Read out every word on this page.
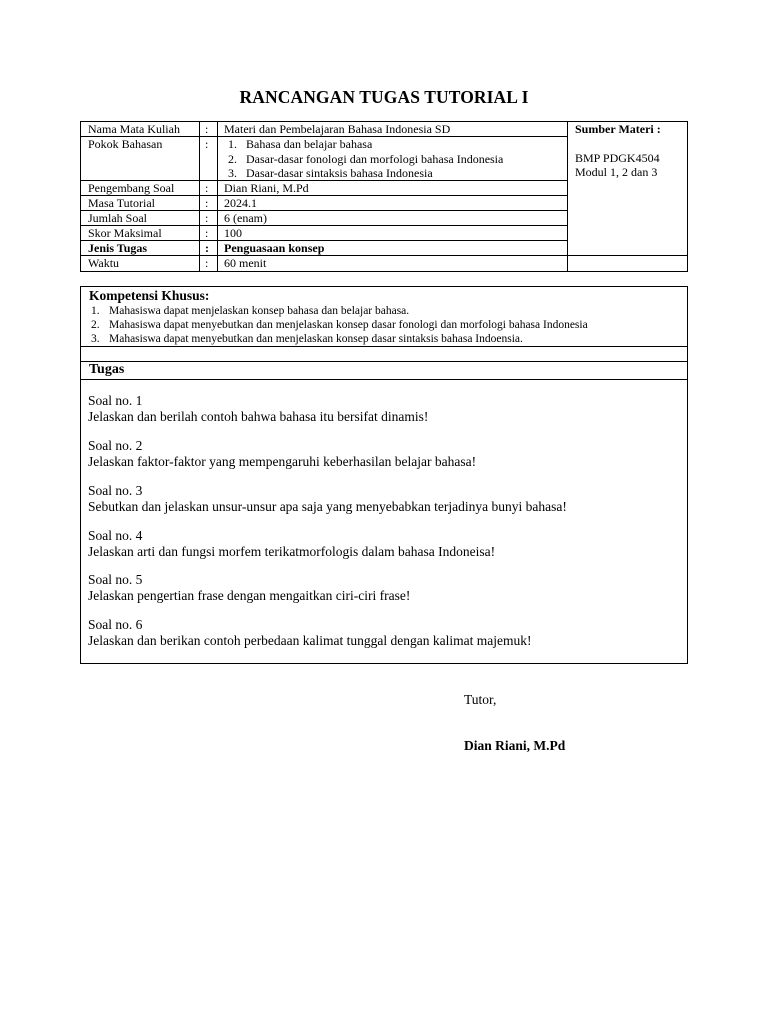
RANCANGAN TUGAS TUTORIAL I
Nama Mata Kuliah : Materi dan Pembelajaran Bahasa Indonesia SD
Pokok Bahasan	: 1. Bahasa dan belajar bahasa
2. Dasar-dasar fonologi dan morfologi bahasa Indonesia
3. Dasar-dasar sintaksis bahasa Indonesia
Pengembang Soal	: Dian Riani, M.Pd
Masa Tutorial	: 2024.1
Jumlah Soal	: 6 (enam)
Skor Maksimal	: 100
Jenis Tugas	: Penguasaan konsep
Waktu	: 60 menit
Sumber Materi :
BMP PDGK4504
Modul 1, 2 dan 3
Kompetensi Khusus:
1. Mahasiswa dapat menjelaskan konsep bahasa dan belajar bahasa.
2. Mahasiswa dapat menyebutkan dan menjelaskan konsep dasar fonologi dan morfologi bahasa Indonesia
3. Mahasiswa dapat menyebutkan dan menjelaskan konsep dasar sintaksis bahasa Indoensia.
Tugas
Soal no. 1
Jelaskan dan berilah contoh bahwa bahasa itu bersifat dinamis!
Soal no. 2
Jelaskan faktor-faktor yang mempengaruhi keberhasilan belajar bahasa!
Soal no. 3
Sebutkan dan jelaskan unsur-unsur apa saja yang menyebabkan terjadinya bunyi bahasa!
Soal no. 4
Jelaskan arti dan fungsi morfem terikatmorfologis dalam bahasa Indoneisa!
Soal no. 5
Jelaskan pengertian frase dengan mengaitkan ciri-ciri frase!
Soal no. 6
Jelaskan dan berikan contoh perbedaan kalimat tunggal dengan kalimat majemuk!
Tutor,
Dian Riani, M.Pd
